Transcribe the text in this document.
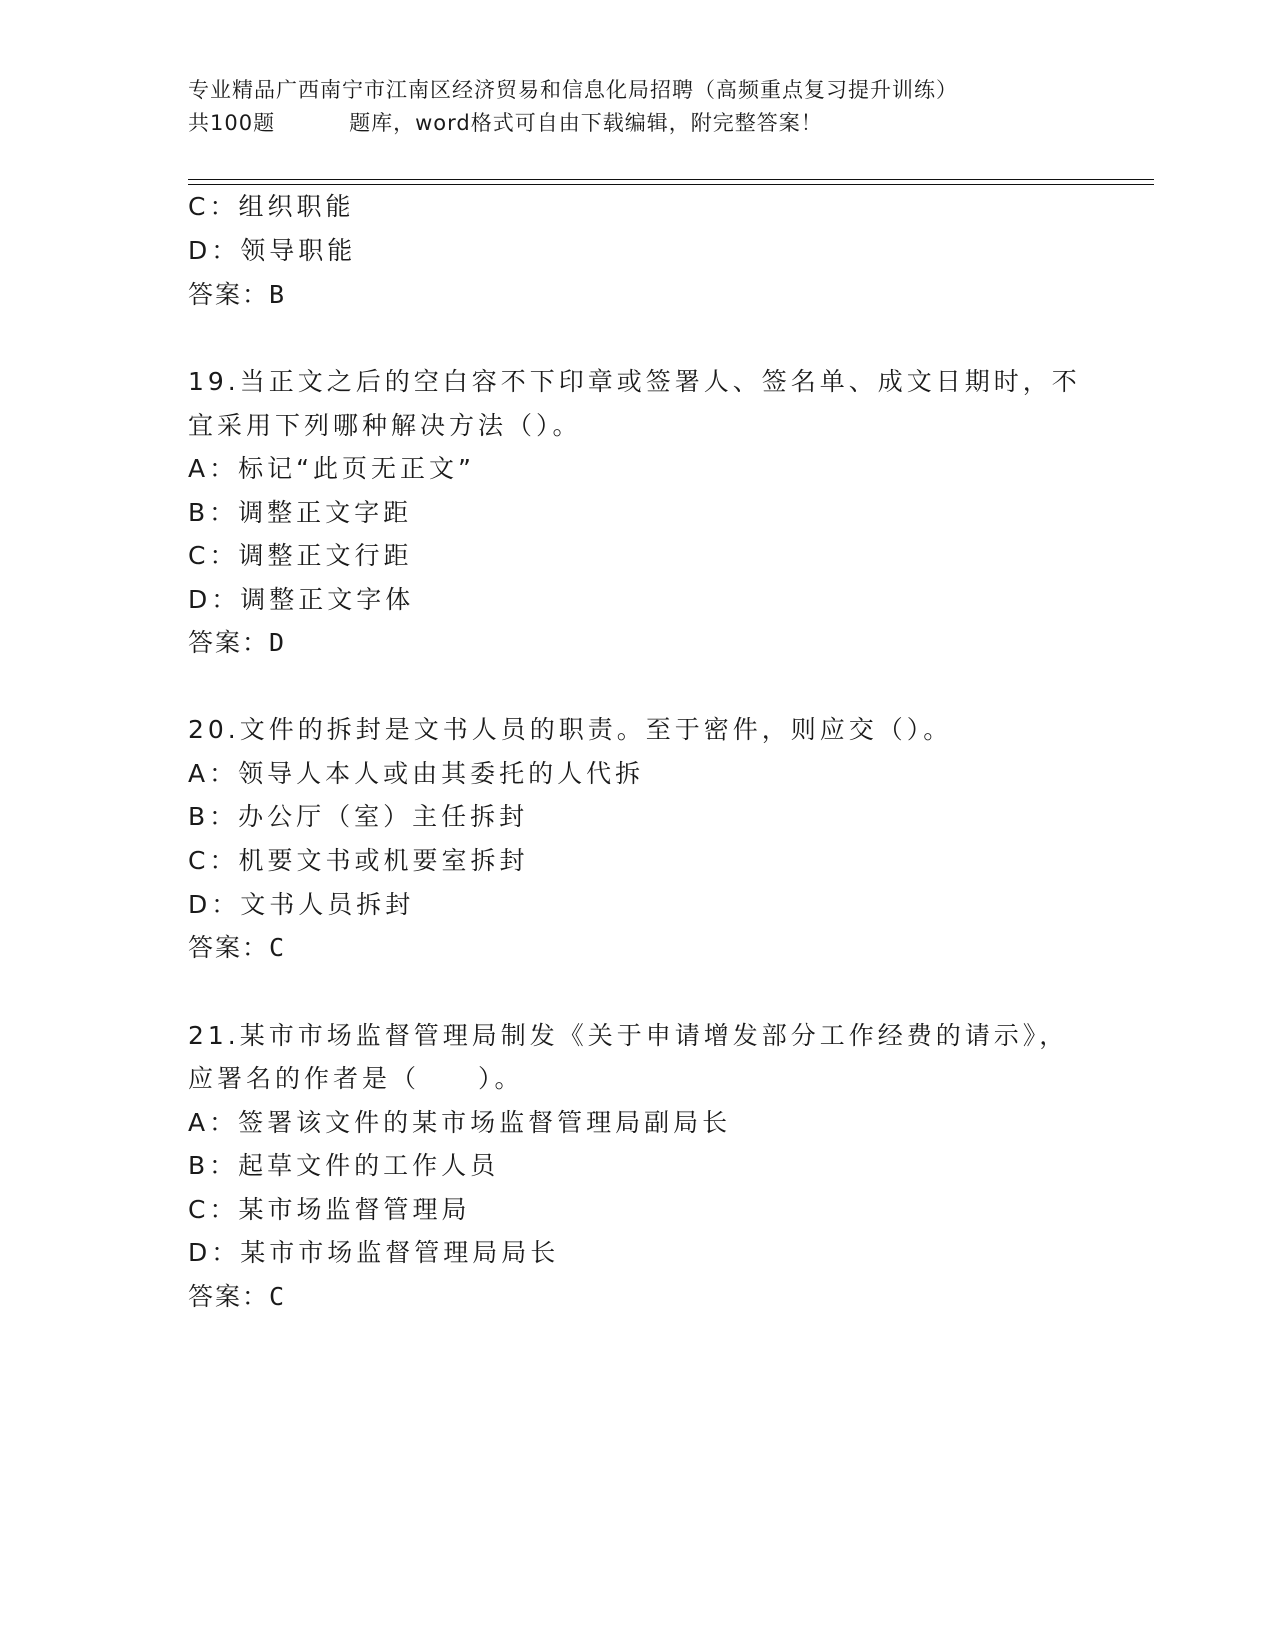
专业精品广西南宁市江南区经济贸易和信息化局招聘（高频重点复习提升训练）
共100题	题库，word格式可自由下载编辑，附完整答案！
C：组织职能
D：领导职能
答案：B
19.当正文之后的空白容不下印章或签署人、签名单、成文日期时，不
宜采用下列哪种解决方法（）。
A：标记“此页无正文”
B：调整正文字距
C：调整正文行距
D：调整正文字体
答案：D
20.文件的拆封是文书人员的职责。至于密件，则应交（）。
A：领导人本人或由其委托的人代拆
B：办公厅（室）主任拆封
C：机要文书或机要室拆封
D：文书人员拆封
答案：C
21.某市市场监督管理局制发《关于申请增发部分工作经费的请示》，
应署名的作者是（　　）。
A：签署该文件的某市场监督管理局副局长
B：起草文件的工作人员
C：某市场监督管理局
D：某市市场监督管理局局长
答案：C
